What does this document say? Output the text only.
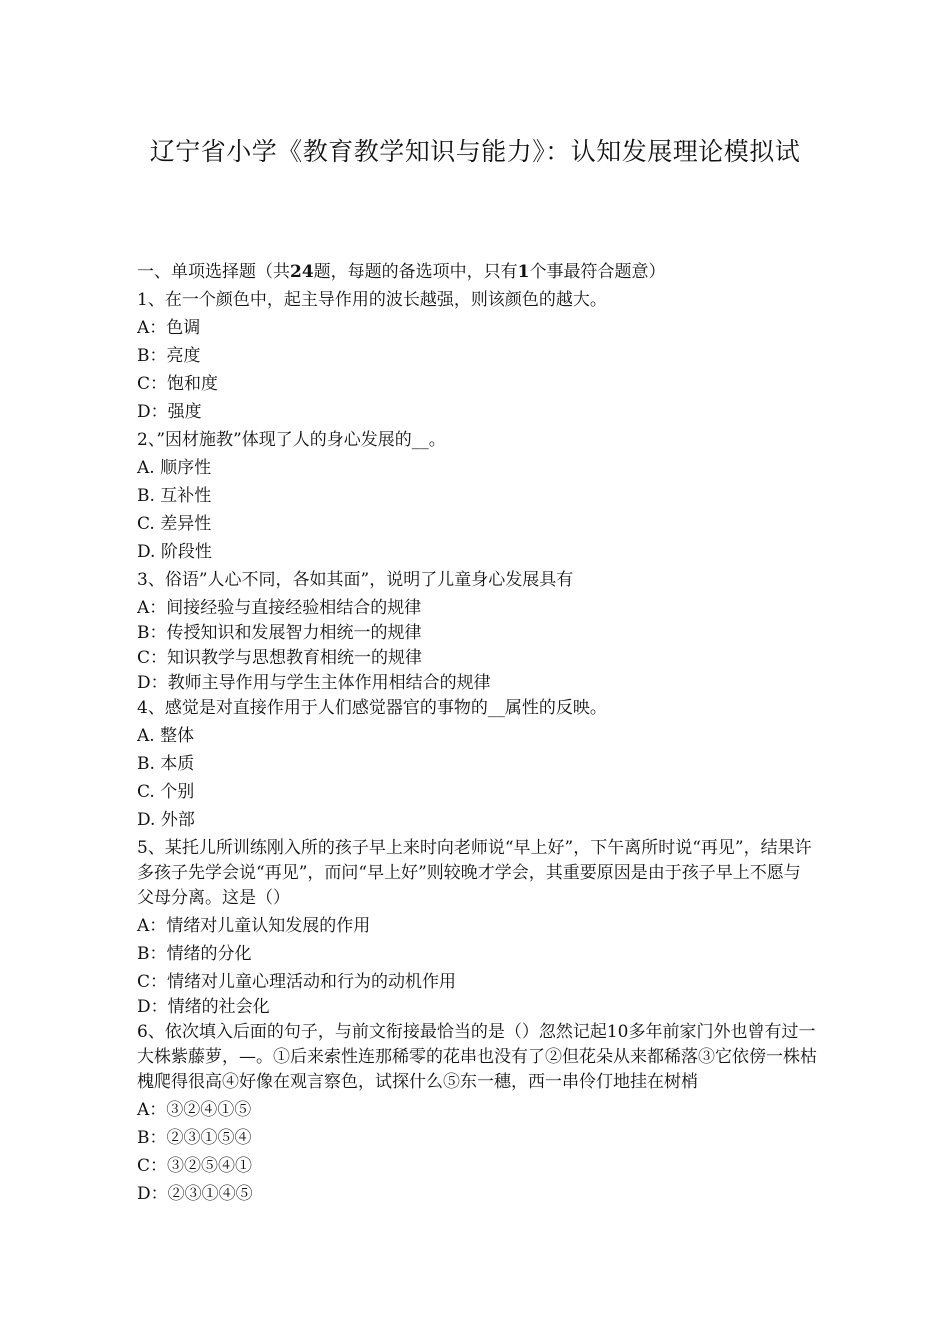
辽宁省小学《教育教学知识与能力》：认知发展理论模拟试

一、单项选择题（共24题，每题的备选项中，只有1个事最符合题意）

1、在一个颜色中，起主导作用的波长越强，则该颜色的越大。

A：色调

B：亮度

C：饱和度

D：强度

2、”因材施教”体现了人的身心发展的__。

A. 顺序性

B. 互补性

C. 差异性

D. 阶段性

3、俗语”人心不同，各如其面”，说明了儿童身心发展具有

A：间接经验与直接经验相结合的规律

B：传授知识和发展智力相统一的规律

C：知识教学与思想教育相统一的规律

D：教师主导作用与学生主体作用相结合的规律

4、感觉是对直接作用于人们感觉器官的事物的__属性的反映。

A. 整体

B. 本质

C. 个别

D. 外部

5、某托儿所训练刚入所的孩子早上来时向老师说“早上好”，下午离所时说“再见”，结果许多孩子先学会说“再见”，而问“早上好”则较晚才学会，其重要原因是由于孩子早上不愿与父母分离。这是（）

A：情绪对儿童认知发展的作用

B：情绪的分化

C：情绪对儿童心理活动和行为的动机作用

D：情绪的社会化

6、依次填入后面的句子，与前文衔接最恰当的是（）忽然记起10多年前家门外也曾有过一大株紫藤萝，—。①后来索性连那稀零的花串也没有了②但花朵从来都稀落③它依傍一株枯槐爬得很高④好像在观言察色，试探什么⑤东一穗，西一串伶仃地挂在树梢

A：③②④①⑤

B：②③①⑤④

C：③②⑤④①

D：②③①④⑤
